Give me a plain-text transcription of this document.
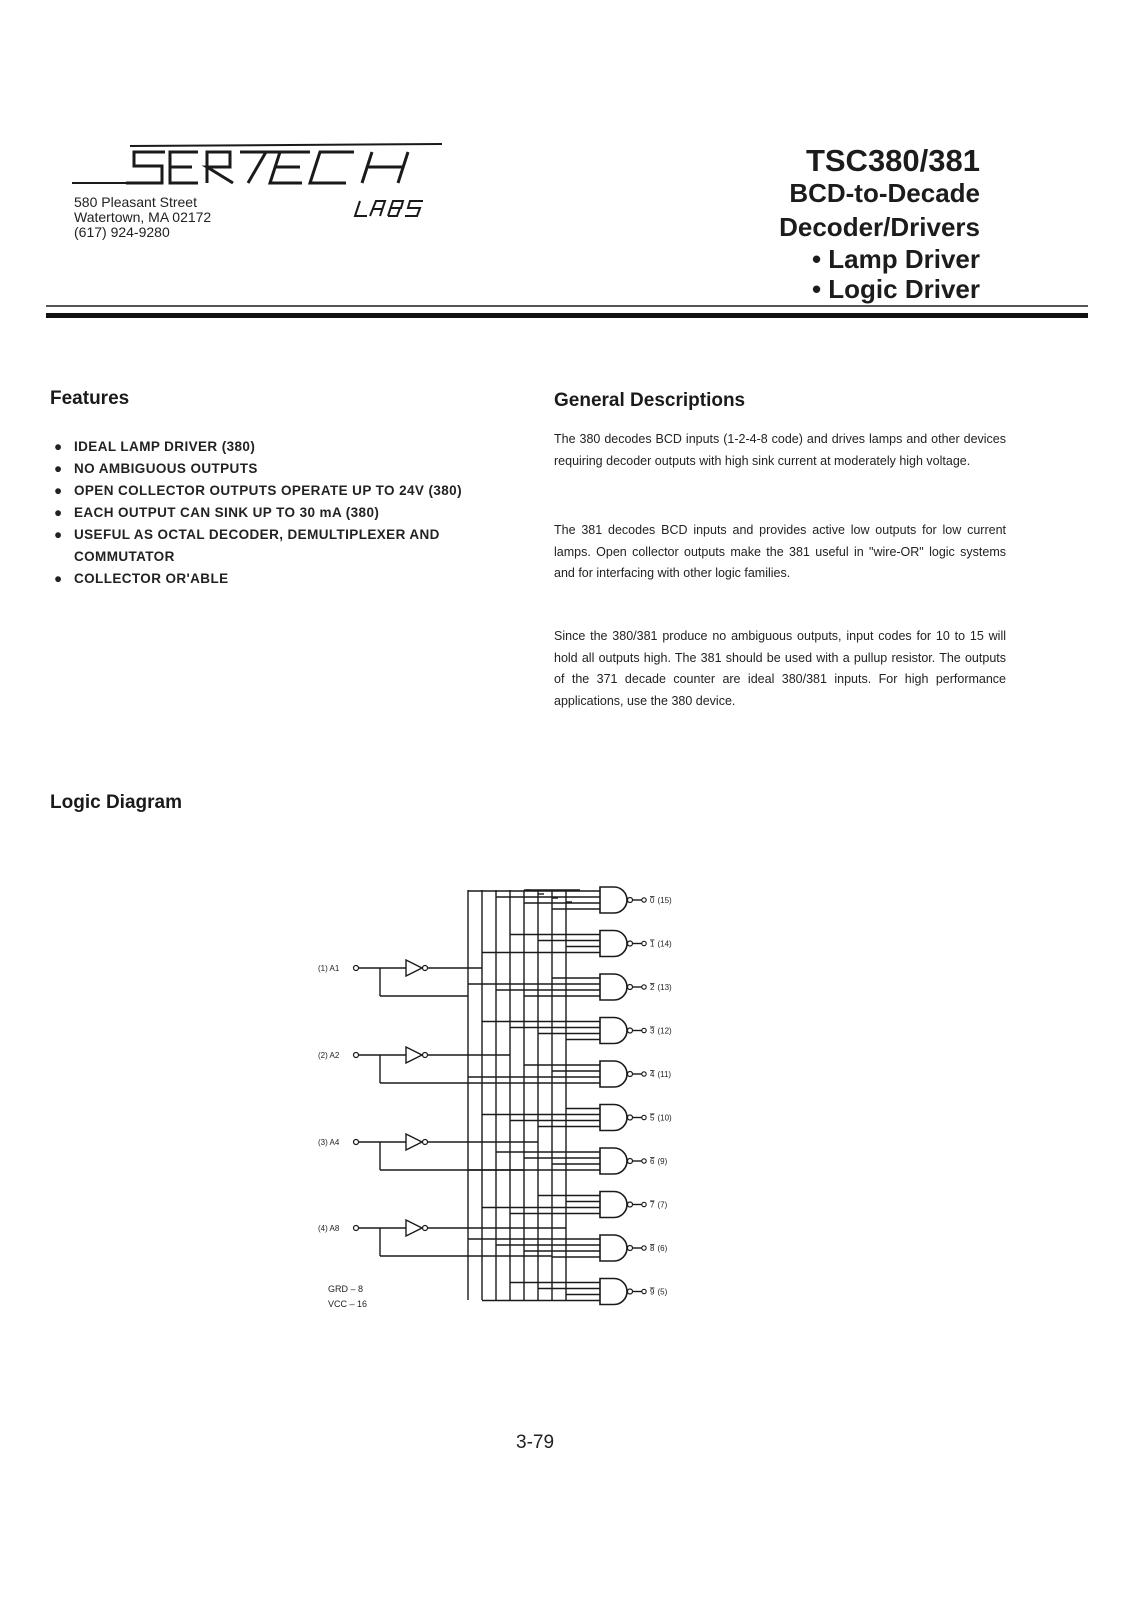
580 Pleasant Street
Watertown, MA 02172
(617) 924-9280
TSC380/381
BCD-to-Decade
Decoder/Drivers
• Lamp Driver
• Logic Driver
Features
● IDEAL LAMP DRIVER (380)
● NO AMBIGUOUS OUTPUTS
● OPEN COLLECTOR OUTPUTS OPERATE UP TO 24V (380)
● EACH OUTPUT CAN SINK UP TO 30 mA (380)
● USEFUL AS OCTAL DECODER, DEMULTIPLEXER AND COMMUTATOR
● COLLECTOR OR'ABLE
General Descriptions

The 380 decodes BCD inputs (1-2-4-8 code) and drives lamps and other devices requiring decoder outputs with high sink current at moderately high voltage.

The 381 decodes BCD inputs and provides active low outputs for low current lamps. Open collector outputs make the 381 useful in "wire-OR" logic systems and for interfacing with other logic families.

Since the 380/381 produce no ambiguous outputs, input codes for 10 to 15 will hold all outputs high. The 381 should be used with a pullup resistor. The outputs of the 371 decade counter are ideal 380/381 inputs. For high performance applications, use the 380 device.

Logic Diagram
(1) A1
(2) A2
(3) A4
(4) A8
0 (15)
1 (14)
2 (13)
3 (12)
4 (11)
5 (10)
6 (9)
7 (7)
8 (6)
9 (5)
GRD – 8
VCC – 16
3-79
